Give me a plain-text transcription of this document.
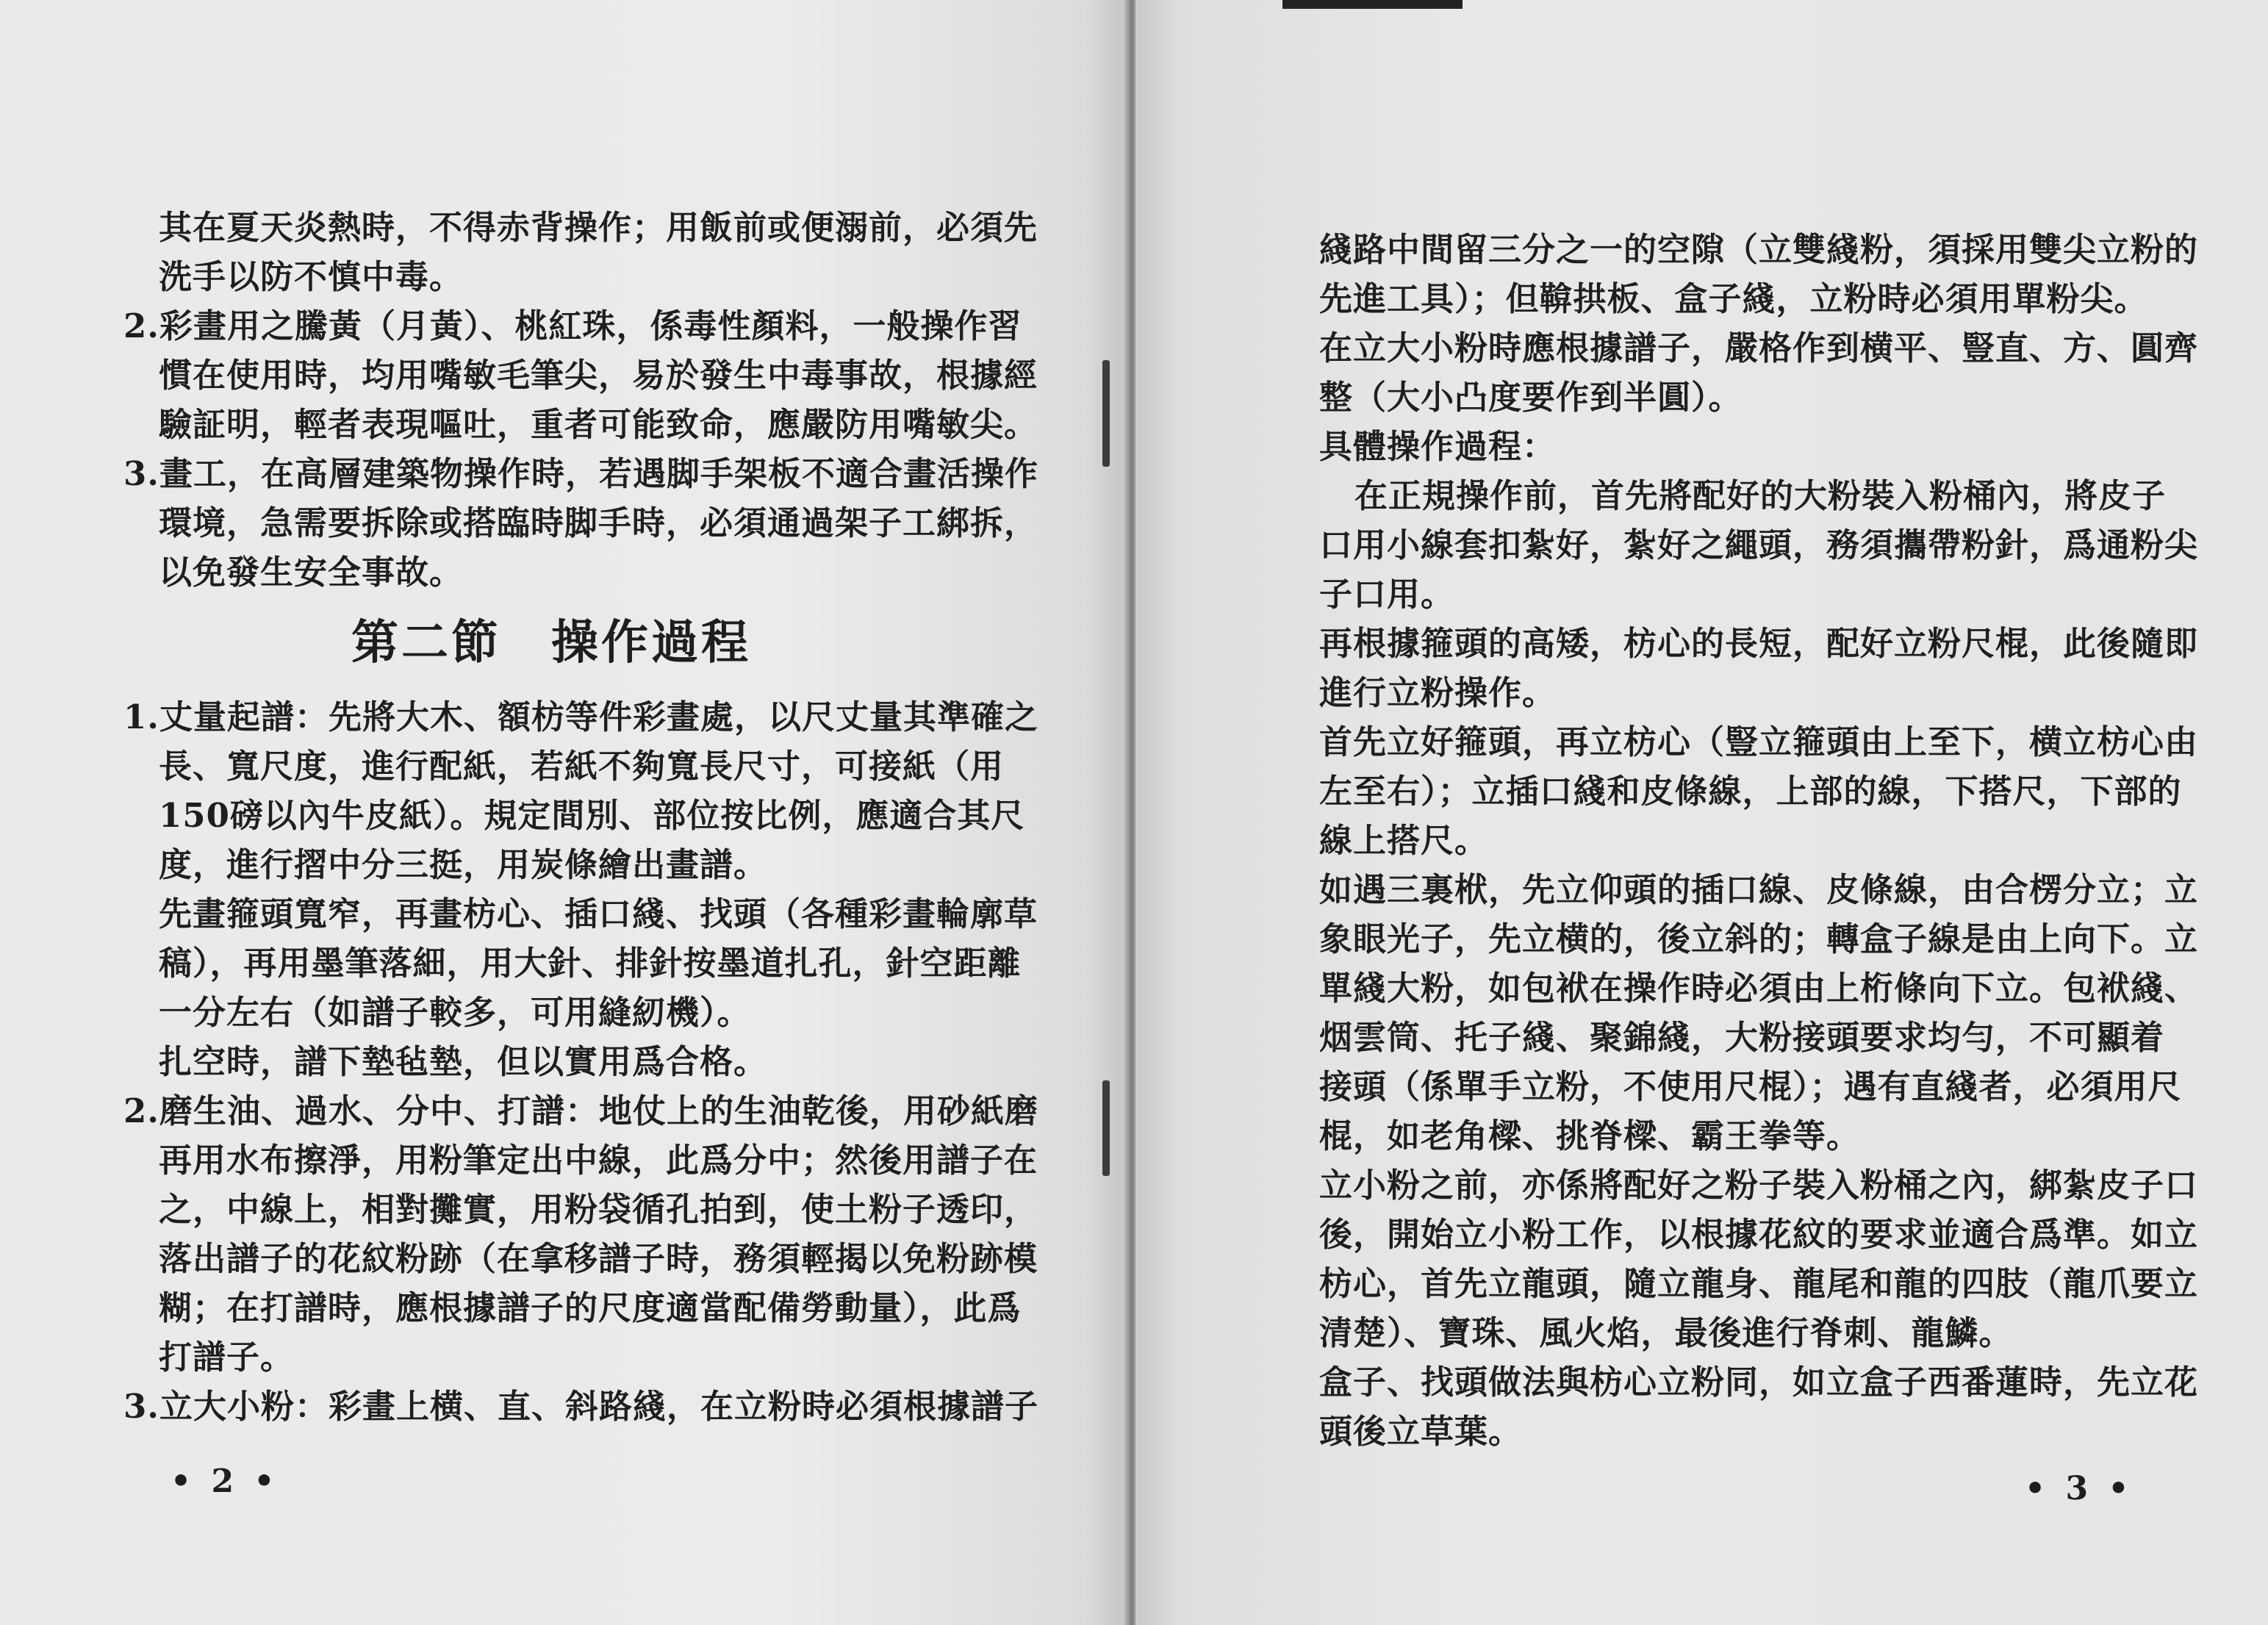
其在夏天炎熱時，不得赤背操作；用飯前或便溺前，必須先

洗手以防不慎中毒。

2.彩畫用之騰黃（月黃）、桃紅珠，係毒性顏料，一般操作習

慣在使用時，均用嘴敏毛筆尖，易於發生中毒事故，根據經

驗証明，輕者表現嘔吐，重者可能致命，應嚴防用嘴敏尖。

3.畫工，在高層建築物操作時，若遇脚手架板不適合畫活操作

環境，急需要拆除或搭臨時脚手時，必須通過架子工綁拆，

以免發生安全事故。

第二節　操作過程

1.丈量起譜：先將大木、額枋等件彩畫處，以尺丈量其準確之

長、寬尺度，進行配紙，若紙不夠寬長尺寸，可接紙（用

150磅以內牛皮紙）。規定間別、部位按比例，應適合其尺

度，進行摺中分三挺，用炭條繪出畫譜。

先畫箍頭寬窄，再畫枋心、插口綫、找頭（各種彩畫輪廓草

稿），再用墨筆落細，用大針、排針按墨道扎孔，針空距離

一分左右（如譜子較多，可用縫紉機）。

扎空時，譜下墊毡墊，但以實用爲合格。

2.磨生油、過水、分中、打譜：地仗上的生油乾後，用砂紙磨

再用水布擦淨，用粉筆定出中線，此爲分中；然後用譜子在

之，中線上，相對攤實，用粉袋循孔拍到，使土粉子透印，

落出譜子的花紋粉跡（在拿移譜子時，務須輕揭以免粉跡模

糊；在打譜時，應根據譜子的尺度適當配備勞動量），此爲

打譜子。

3.立大小粉：彩畫上横、直、斜路綫，在立粉時必須根據譜子

• 2 •

綫路中間留三分之一的空隙（立雙綫粉，須採用雙尖立粉的

先進工具）；但鞥拱板、盒子綫，立粉時必須用單粉尖。

在立大小粉時應根據譜子，嚴格作到横平、豎直、方、圓齊

整（大小凸度要作到半圓）。

具體操作過程：

在正規操作前，首先將配好的大粉裝入粉桶內，將皮子

口用小線套扣紮好，紮好之繩頭，務須攜帶粉針，爲通粉尖

子口用。

再根據箍頭的高矮，枋心的長短，配好立粉尺棍，此後隨即

進行立粉操作。

首先立好箍頭，再立枋心（豎立箍頭由上至下，横立枋心由

左至右）；立插口綫和皮條線，上部的線，下搭尺，下部的

線上搭尺。

如遇三裏栿，先立仰頭的插口線、皮條線，由合楞分立；立

象眼光子，先立横的，後立斜的；轉盒子線是由上向下。立

單綫大粉，如包袱在操作時必須由上桁條向下立。包袱綫、

烟雲筒、托子綫、聚錦綫，大粉接頭要求均勻，不可顯着

接頭（係單手立粉，不使用尺棍）；遇有直綫者，必須用尺

棍，如老角樑、挑脊樑、霸王拳等。

立小粉之前，亦係將配好之粉子裝入粉桶之內，綁紮皮子口

後，開始立小粉工作，以根據花紋的要求並適合爲準。如立

枋心，首先立龍頭，隨立龍身、龍尾和龍的四肢（龍爪要立

清楚）、寶珠、風火焰，最後進行脊刺、龍鱗。

盒子、找頭做法與枋心立粉同，如立盒子西番蓮時，先立花

頭後立草葉。

• 3 •
